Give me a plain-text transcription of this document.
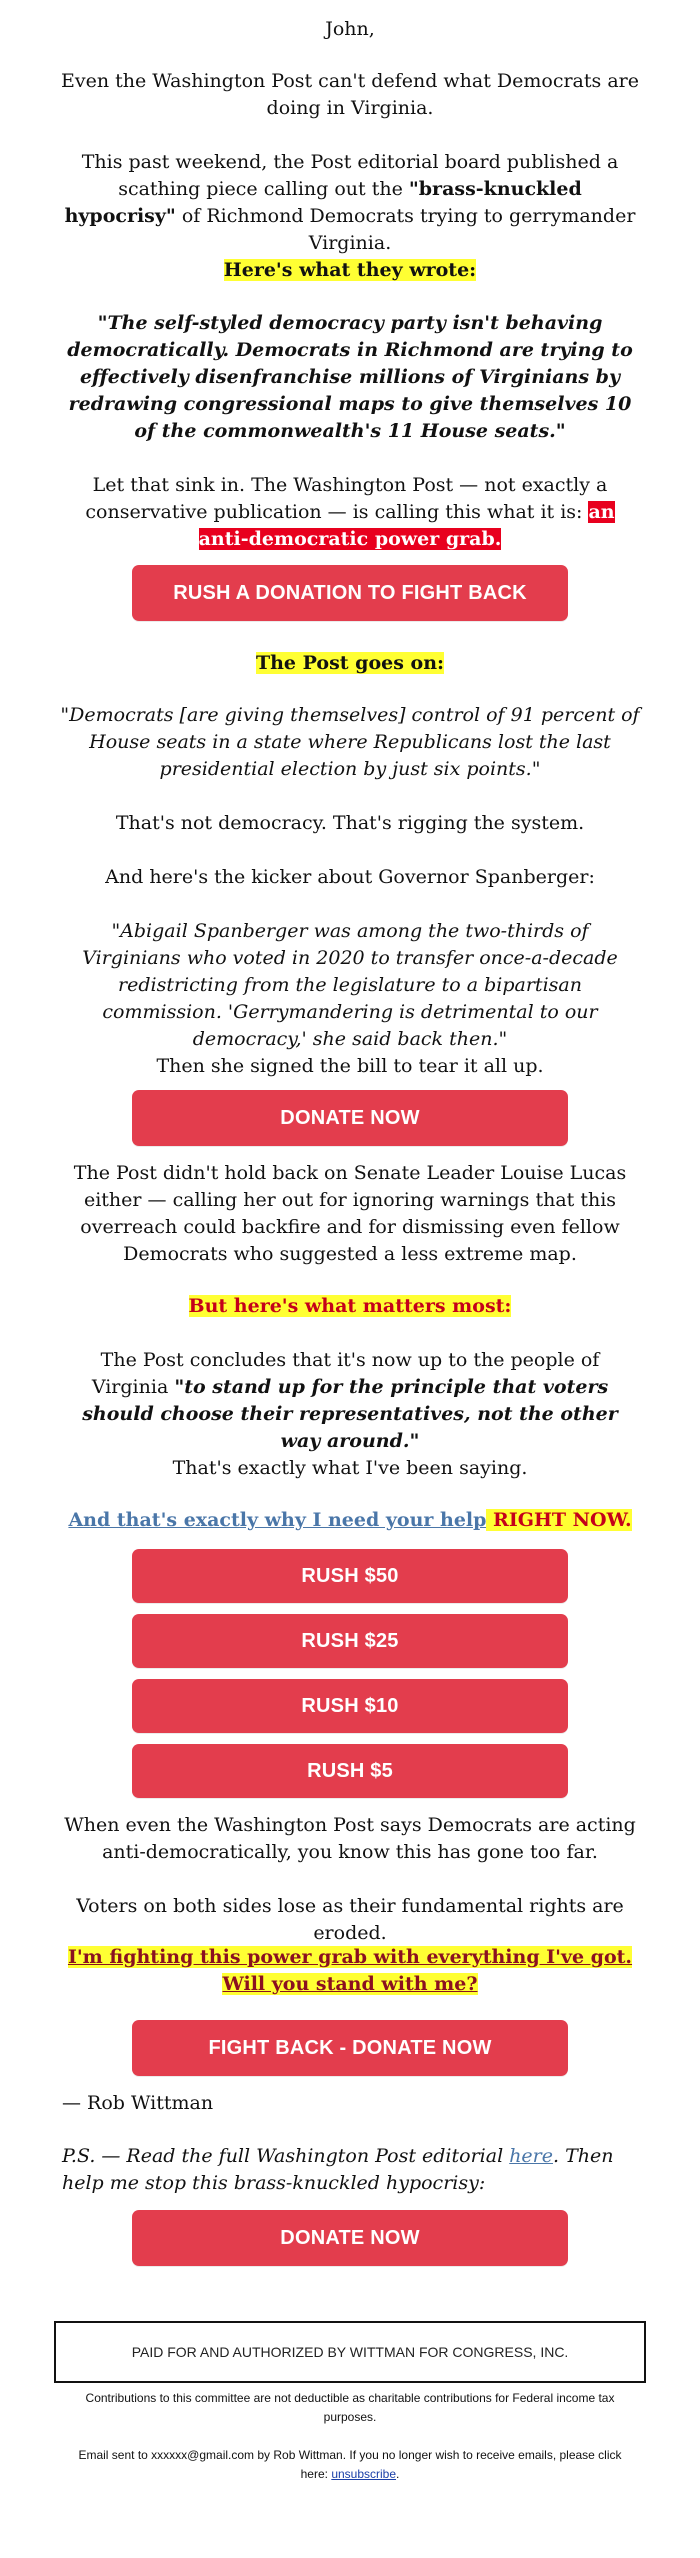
John,

Even the Washington Post can't defend what Democrats are doing in Virginia.

This past weekend, the Post editorial board published a scathing piece calling out the "brass-knuckled hypocrisy" of Richmond Democrats trying to gerrymander Virginia.

Here's what they wrote:

"The self-styled democracy party isn't behaving democratically. Democrats in Richmond are trying to effectively disenfranchise millions of Virginians by redrawing congressional maps to give themselves 10 of the commonwealth's 11 House seats."

Let that sink in. The Washington Post — not exactly a conservative publication — is calling this what it is: an anti-democratic power grab.

RUSH A DONATION TO FIGHT BACK

The Post goes on:

"Democrats [are giving themselves] control of 91 percent of House seats in a state where Republicans lost the last presidential election by just six points."

That's not democracy. That's rigging the system.

And here's the kicker about Governor Spanberger:

"Abigail Spanberger was among the two-thirds of Virginians who voted in 2020 to transfer once-a-decade redistricting from the legislature to a bipartisan commission. 'Gerrymandering is detrimental to our democracy,' she said back then."

Then she signed the bill to tear it all up.

DONATE NOW

The Post didn't hold back on Senate Leader Louise Lucas either — calling her out for ignoring warnings that this overreach could backfire and for dismissing even fellow Democrats who suggested a less extreme map.

But here's what matters most:

The Post concludes that it's now up to the people of Virginia "to stand up for the principle that voters should choose their representatives, not the other way around."

That's exactly what I've been saying.

And that's exactly why I need your help RIGHT NOW.

RUSH $50
RUSH $25
RUSH $10
RUSH $5

When even the Washington Post says Democrats are acting anti-democratically, you know this has gone too far.

Voters on both sides lose as their fundamental rights are eroded.

I'm fighting this power grab with everything I've got. Will you stand with me?

FIGHT BACK - DONATE NOW

— Rob Wittman

P.S. — Read the full Washington Post editorial here. Then help me stop this brass-knuckled hypocrisy:

DONATE NOW
PAID FOR AND AUTHORIZED BY WITTMAN FOR CONGRESS, INC.

Contributions to this committee are not deductible as charitable contributions for Federal income tax purposes.

Email sent to xxxxxx@gmail.com by Rob Wittman. If you no longer wish to receive emails, please click here: unsubscribe.
